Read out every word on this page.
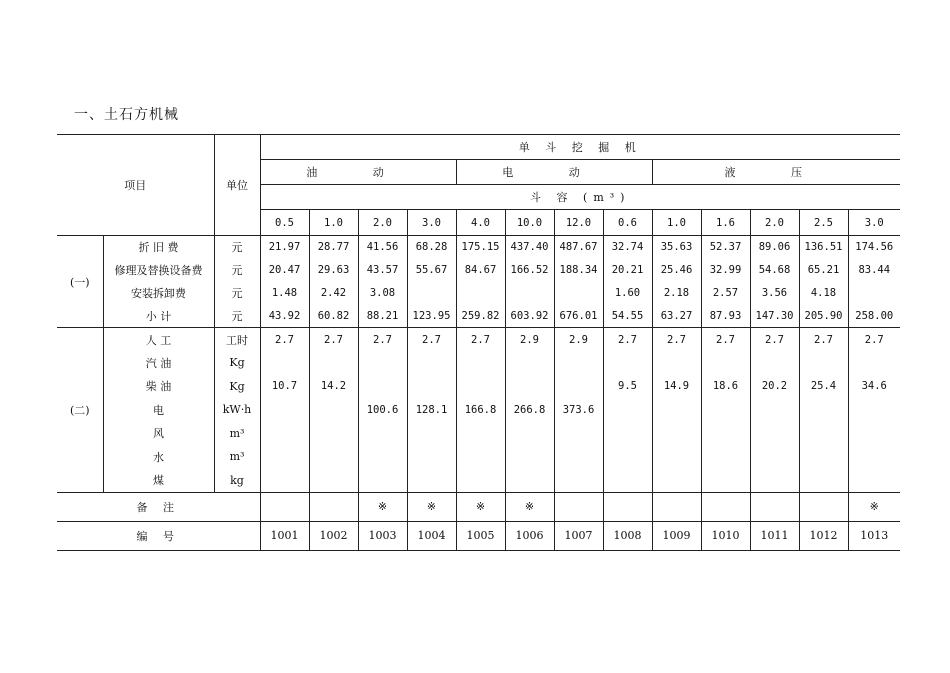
一、土石方机械
项目		单位	单 斗 挖 掘 机												
			油 动				电 动				液 压				
			斗 容 (m³)												
			0.5	1.0	2.0	3.0	4.0	10.0	12.0	0.6	1.0	1.6	2.0	2.5	3.0
(一)	折 旧 费	元	21.97	28.77	41.56	68.28	175.15	437.40	487.67	32.74	35.63	52.37	89.06	136.51	174.56
	修理及替换设备费	元	20.47	29.63	43.57	55.67	84.67	166.52	188.34	20.21	25.46	32.99	54.68	65.21	83.44
	安装拆卸费	元	1.48	2.42	3.08					1.60	2.18	2.57	3.56	4.18	
	小 计	元	43.92	60.82	88.21	123.95	259.82	603.92	676.01	54.55	63.27	87.93	147.30	205.90	258.00
(二)	人 工	工时	2.7	2.7	2.7	2.7	2.7	2.9	2.9	2.7	2.7	2.7	2.7	2.7	2.7
	汽 油	Kg													
	柴 油	Kg	10.7	14.2						9.5	14.9	18.6	20.2	25.4	34.6
	电	kW·h			100.6	128.1	166.8	266.8	373.6						
	风	m³													
	水	m³													
	煤	kg													
备 注					※	※	※	※							※
编 号			1001	1002	1003	1004	1005	1006	1007	1008	1009	1010	1011	1012	1013
